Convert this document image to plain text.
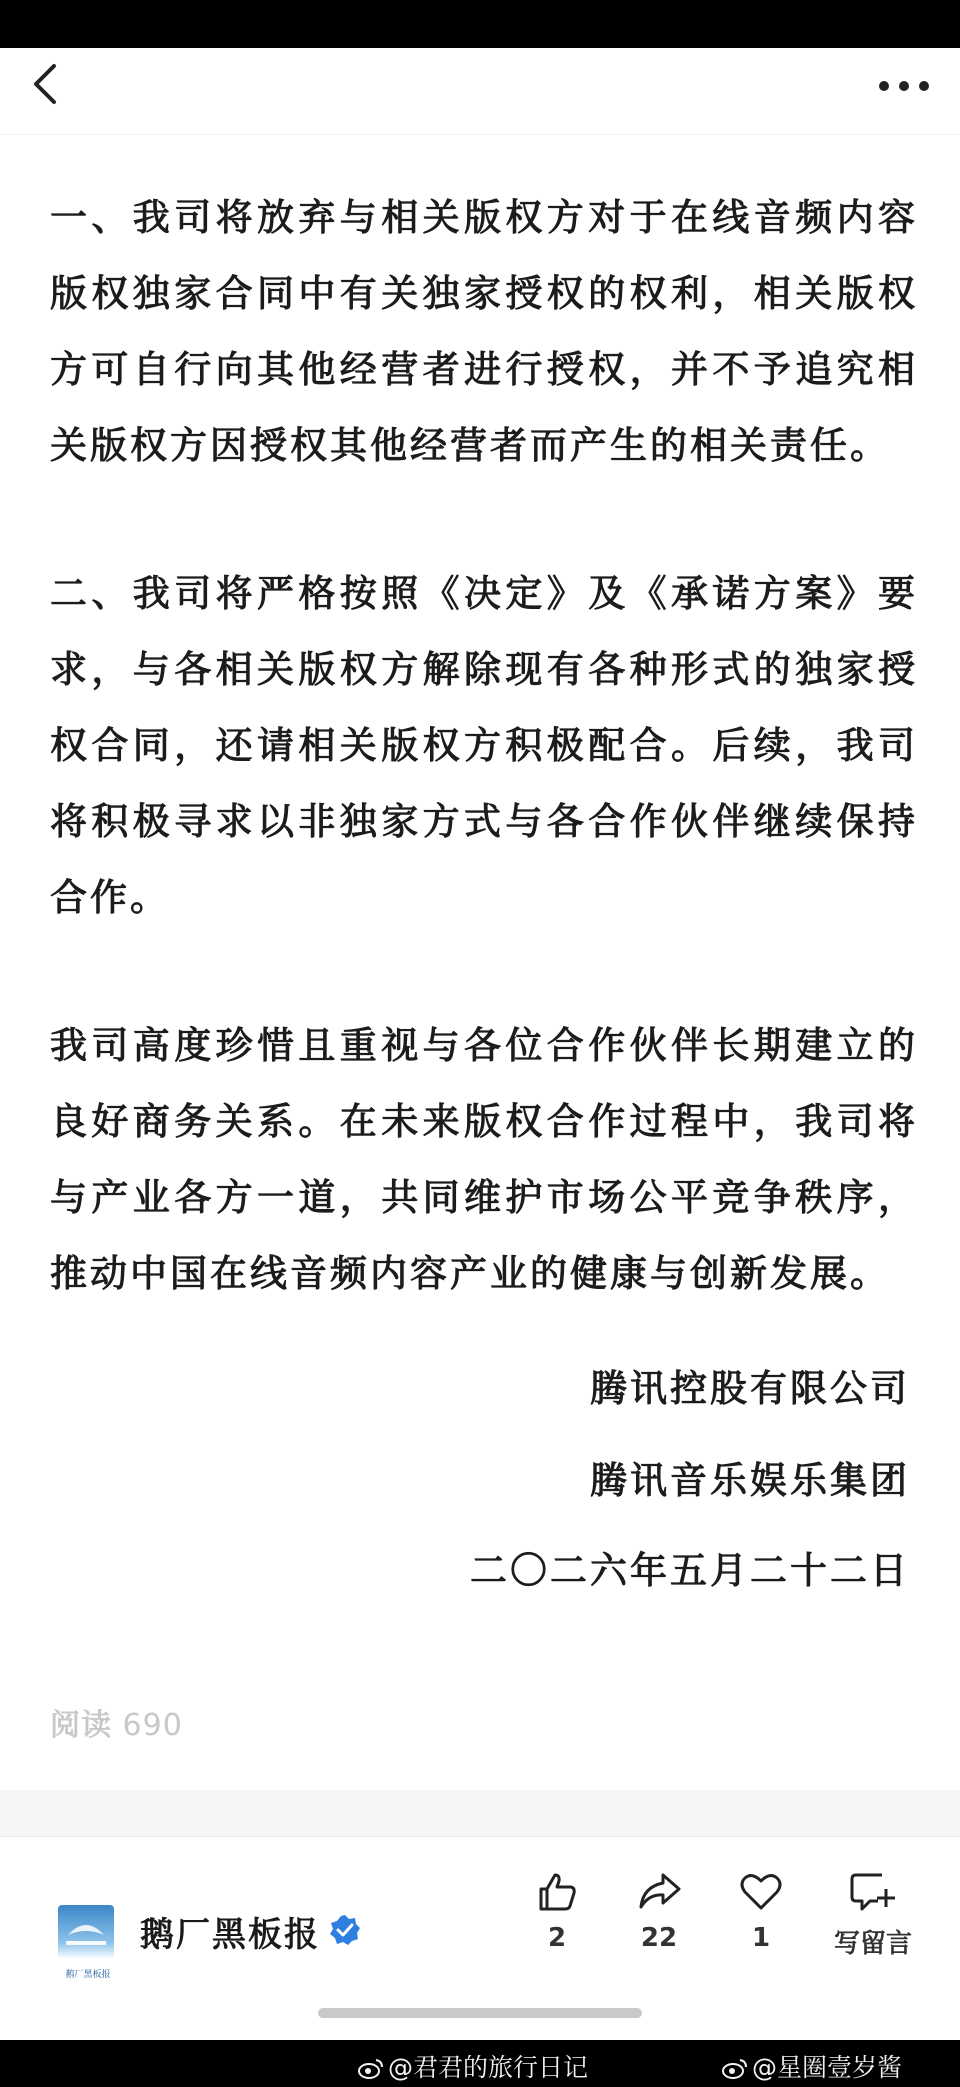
一、我司将放弃与相关版权方对于在线音频内容版权独家合同中有关独家授权的权利，相关版权方可自行向其他经营者进行授权，并不予追究相关版权方因授权其他经营者而产生的相关责任。

二、我司将严格按照《决定》及《承诺方案》要求，与各相关版权方解除现有各种形式的独家授权合同，还请相关版权方积极配合。后续，我司将积极寻求以非独家方式与各合作伙伴继续保持合作。

我司高度珍惜且重视与各位合作伙伴长期建立的良好商务关系。在未来版权合作过程中，我司将与产业各方一道，共同维护市场公平竞争秩序，推动中国在线音频内容产业的健康与创新发展。

腾讯控股有限公司
腾讯音乐娱乐集团
二〇二六年五月二十二日
阅读 690
鹅厂黑板报
鹅厂黑板报	2	22	1	写留言
@君君的旅行日记	@星圈壹岁酱
